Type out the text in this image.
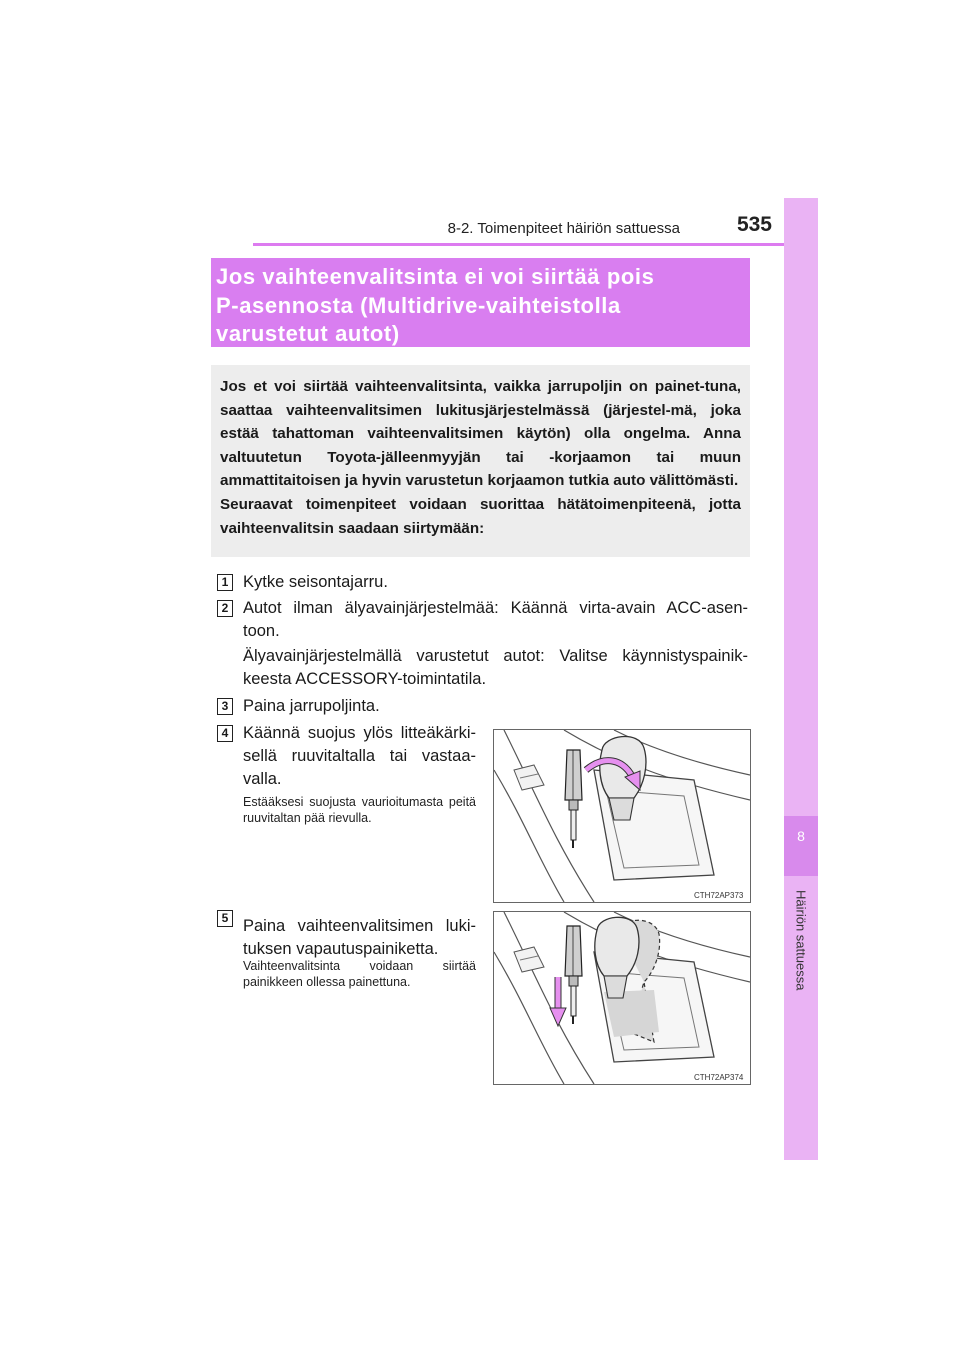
8-2. Toimenpiteet häiriön sattuessa	535
8
Häiriön sattuessa

Jos vaihteenvalitsinta ei voi siirtää pois
P-asennosta (Multidrive-vaihteistolla
varustetut autot)

Jos et voi siirtää vaihteenvalitsinta, vaikka jarrupoljin on painet-tuna, saattaa vaihteenvalitsimen lukitusjärjestelmässä (järjestel-mä, joka estää tahattoman vaihteenvalitsimen käytön) olla ongelma. Anna valtuutetun Toyota-jälleenmyyjän tai -korjaamon tai muun ammattitaitoisen ja hyvin varustetun korjaamon tutkia auto välittömästi.
Seuraavat toimenpiteet voidaan suorittaa hätätoimenpiteenä, jotta vaihteenvalitsin saadaan siirtymään:

1 Kytke seisontajarru.
2 Autot ilman älyavainjärjestelmää: Käännä virta-avain ACC-asen-toon.
Älyavainjärjestelmällä varustetut autot: Valitse käynnistyspainik-keesta ACCESSORY-toimintatila.
3 Paina jarrupoljinta.
4 Käännä suojus ylös litteäkärki-sellä ruuvitaltalla tai vastaa-valla.
Estääksesi suojusta vaurioitumasta peitä ruuvitaltan pää rievulla.
CTH72AP373
5 Paina vaihteenvalitsimen luki-tuksen vapautuspainiketta.
Vaihteenvalitsinta voidaan siirtää painikkeen ollessa painettuna.
CTH72AP374
